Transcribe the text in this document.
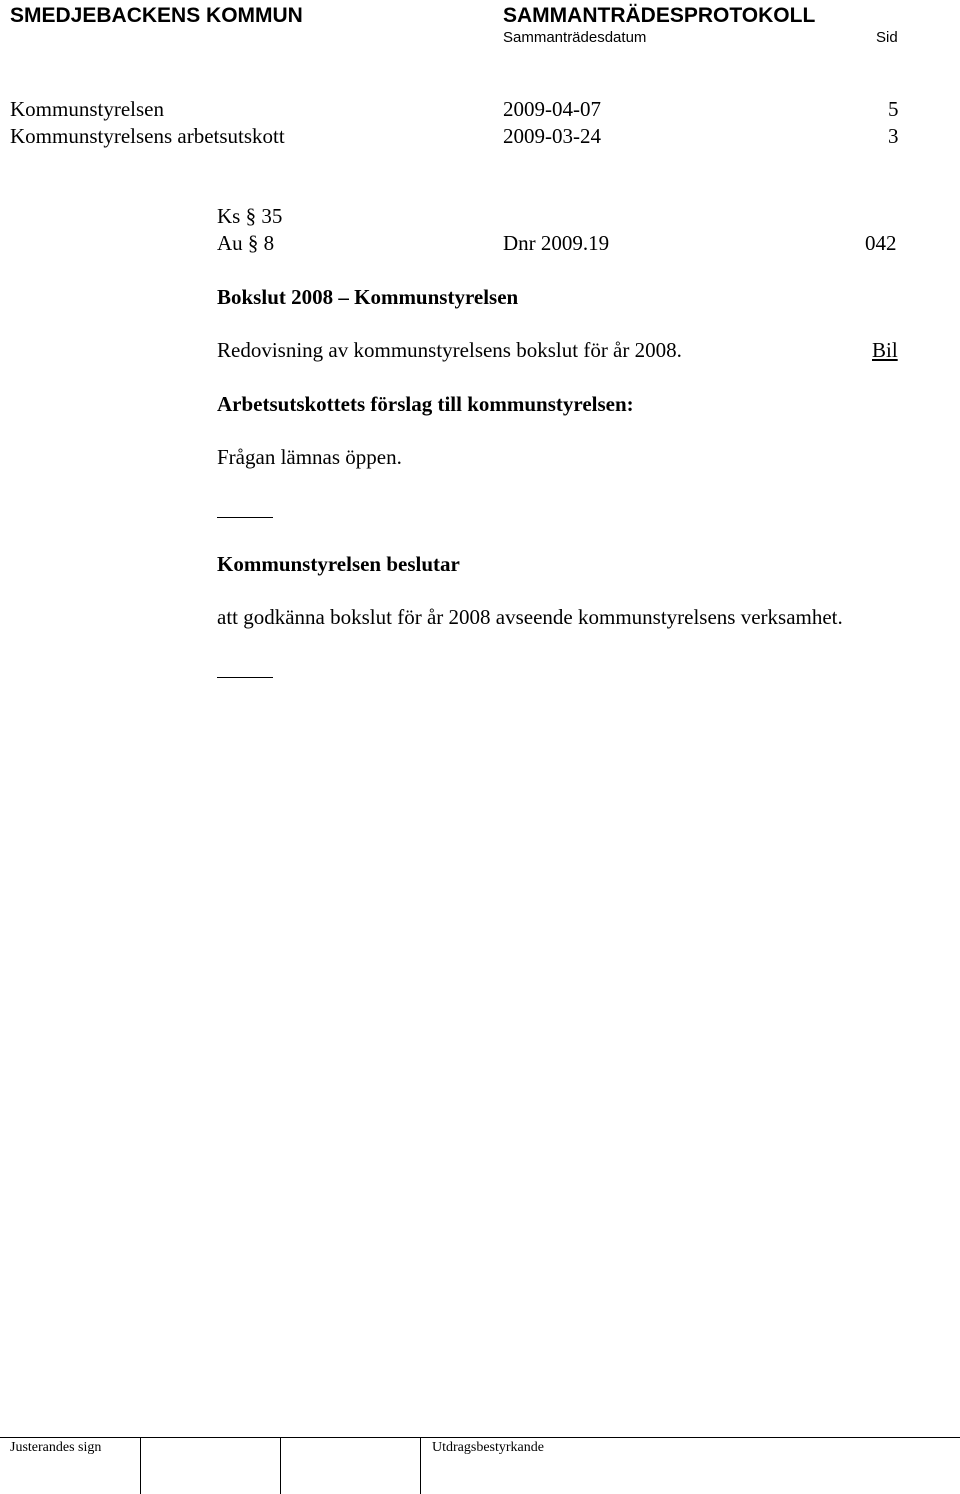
SMEDJEBACKENS KOMMUN	SAMMANTRÄDESPROTOKOLL
Sammanträdesdatum	Sid
Kommunstyrelsen	2009-04-07	5
Kommunstyrelsens arbetsutskott	2009-03-24	3
Ks § 35
Au § 8	Dnr 2009.19	042
Bokslut 2008 – Kommunstyrelsen
Redovisning av kommunstyrelsens bokslut för år 2008.	Bil
Arbetsutskottets förslag till kommunstyrelsen:
Frågan lämnas öppen.
Kommunstyrelsen beslutar
att godkänna bokslut för år 2008 avseende kommunstyrelsens verksamhet.
Justerandes sign	Utdragsbestyrkande
